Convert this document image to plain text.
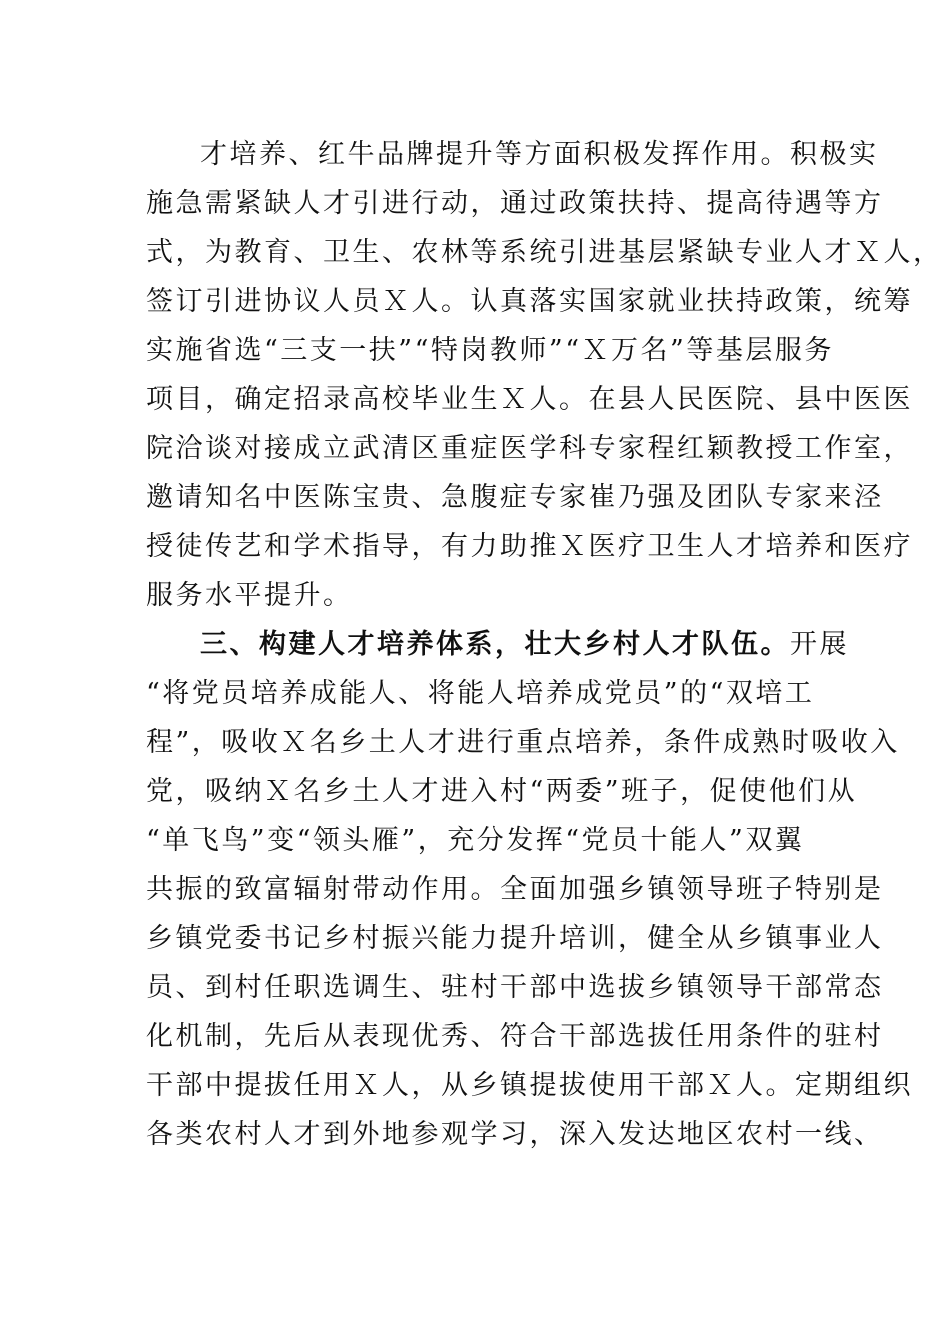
才培养、红牛品牌提升等方面积极发挥作用。积极实
施急需紧缺人才引进行动，通过政策扶持、提高待遇等方
式，为教育、卫生、农林等系统引进基层紧缺专业人才Ｘ人，
签订引进协议人员Ｘ人。认真落实国家就业扶持政策，统筹
实施省选“三支一扶”“特岗教师”“Ｘ万名”等基层服务
项目，确定招录高校毕业生Ｘ人。在县人民医院、县中医医
院洽谈对接成立武清区重症医学科专家程红颖教授工作室，
邀请知名中医陈宝贵、急腹症专家崔乃强及团队专家来泾
授徒传艺和学术指导，有力助推Ｘ医疗卫生人才培养和医疗
服务水平提升。
三、构建人才培养体系，壮大乡村人才队伍。开展
“将党员培养成能人、将能人培养成党员”的“双培工
程”，吸收Ｘ名乡土人才进行重点培养，条件成熟时吸收入
党，吸纳Ｘ名乡土人才进入村“两委”班子，促使他们从
“单飞鸟”变“领头雁”，充分发挥“党员十能人”双翼
共振的致富辐射带动作用。全面加强乡镇领导班子特别是
乡镇党委书记乡村振兴能力提升培训，健全从乡镇事业人
员、到村任职选调生、驻村干部中选拔乡镇领导干部常态
化机制，先后从表现优秀、符合干部选拔任用条件的驻村
干部中提拔任用Ｘ人，从乡镇提拔使用干部Ｘ人。定期组织
各类农村人才到外地参观学习，深入发达地区农村一线、
